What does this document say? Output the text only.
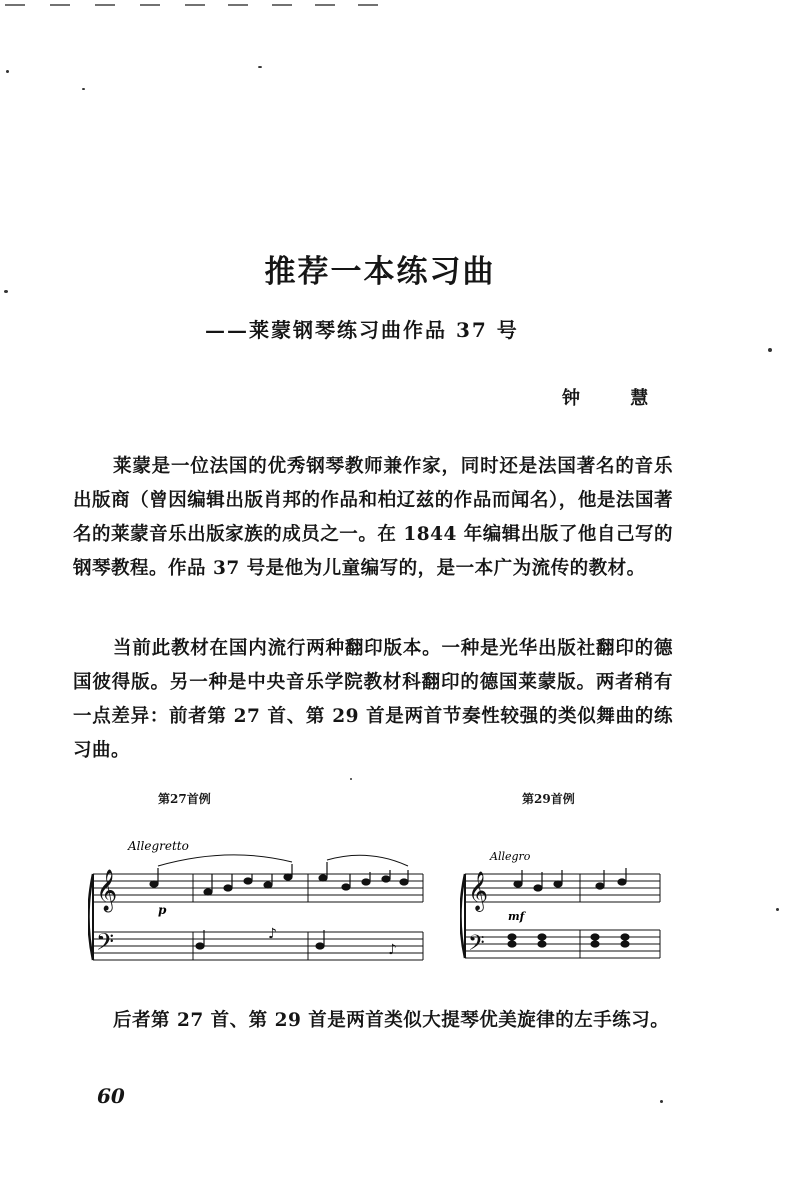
推荐一本练习曲
——莱蒙钢琴练习曲作品 37 号
钟 慧
莱蒙是一位法国的优秀钢琴教师兼作家，同时还是法国著名的音乐出版商（曾因编辑出版肖邦的作品和柏辽兹的作品而闻名），他是法国著名的莱蒙音乐出版家族的成员之一。在 1844 年编辑出版了他自己写的钢琴教程。作品 37 号是他为儿童编写的，是一本广为流传的教材。
当前此教材在国内流行两种翻印版本。一种是光华出版社翻印的德国彼得版。另一种是中央音乐学院教材科翻印的德国莱蒙版。两者稍有一点差异：前者第 27 首、第 29 首是两首节奏性较强的类似舞曲的练习曲。
第27首例	第29首例
Allegretto
𝄞
𝄢
p
♪
♪
Allegro
𝄞
𝄢
mf
后者第 27 首、第 29 首是两首类似大提琴优美旋律的左手练习。
60
